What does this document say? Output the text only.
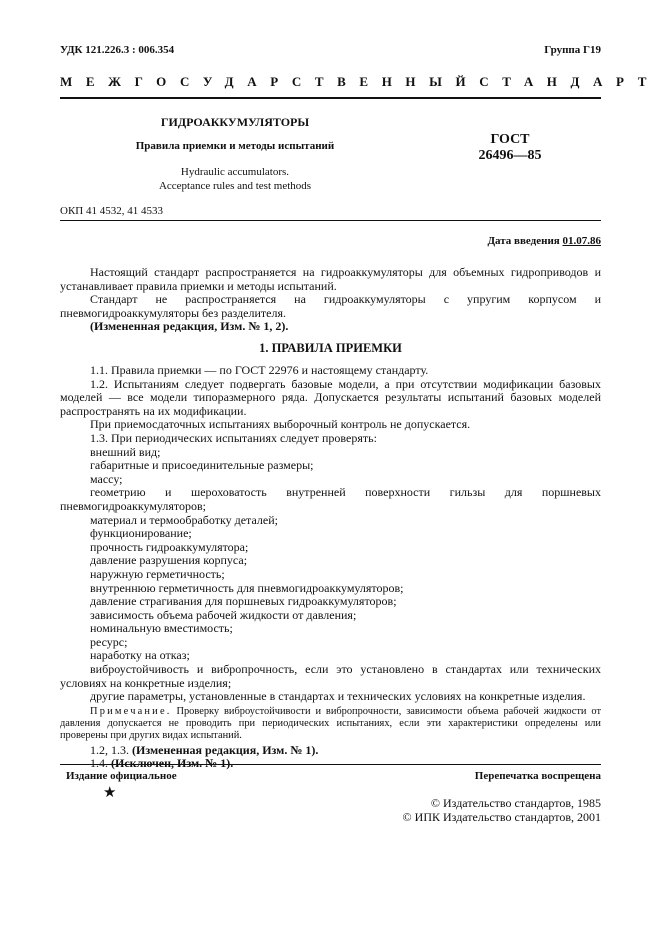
УДК 121.226.3 : 006.354	Группа Г19
МЕЖГОСУДАРСТВЕННЫЙ СТАНДАРТ
ГИДРОАККУМУЛЯТОРЫ
Правила приемки и методы испытаний
Hydraulic accumulators.
Acceptance rules and test methods
ГОСТ
26496—85
ОКП 41 4532, 41 4533
Дата введения 01.07.86

Настоящий стандарт распространяется на гидроаккумуляторы для объемных гидроприводов и устанавливает правила приемки и методы испытаний.

Стандарт не распространяется на гидроаккумуляторы с упругим корпусом и пневмогидроаккумуляторы без разделителя.

(Измененная редакция, Изм. № 1, 2).

1. ПРАВИЛА ПРИЕМКИ

1.1. Правила приемки — по ГОСТ 22976 и настоящему стандарту.

1.2. Испытаниям следует подвергать базовые модели, а при отсутствии модификации базовых моделей — все модели типоразмерного ряда. Допускается результаты испытаний базовых моделей распространять на их модификации.

При приемосдаточных испытаниях выборочный контроль не допускается.

1.3. При периодических испытаниях следует проверять:

внешний вид;

габаритные и присоединительные размеры;

массу;

геометрию и шероховатость внутренней поверхности гильзы для поршневых пневмогидроаккумуляторов;

материал и термообработку деталей;

функционирование;

прочность гидроаккумулятора;

давление разрушения корпуса;

наружную герметичность;

внутреннюю герметичность для пневмогидроаккумуляторов;

давление страгивания для поршневых гидроаккумуляторов;

зависимость объема рабочей жидкости от давления;

номинальную вместимость;

ресурс;

наработку на отказ;

виброустойчивость и вибропрочность, если это установлено в стандартах или технических условиях на конкретные изделия;

другие параметры, установленные в стандартах и технических условиях на конкретные изделия.

Примечание. Проверку виброустойчивости и вибропрочности, зависимости объема рабочей жидкости от давления допускается не проводить при периодических испытаниях, если эти характеристики определены или проверены при других видах испытаний.

1.2, 1.3. (Измененная редакция, Изм. № 1).

1.4. (Исключен, Изм. № 1).

Издание официальное	Перепечатка воспрещена
★
© Издательство стандартов, 1985
© ИПК Издательство стандартов, 2001
